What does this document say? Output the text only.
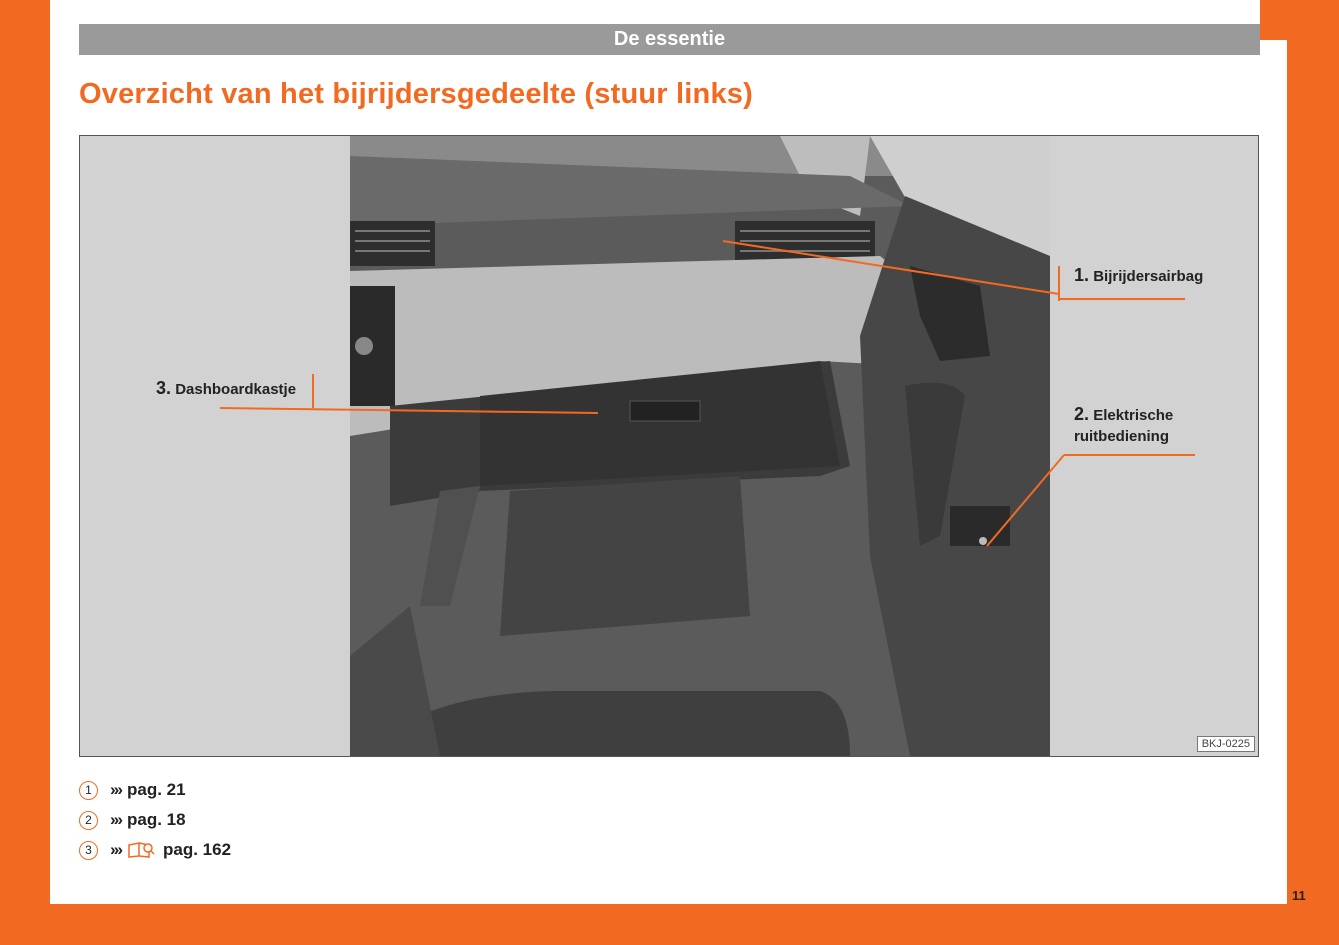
De essentie
Overzicht van het bijrijdersgedeelte (stuur links)
1. Bijrijdersairbag
2. Elektrische
ruitbediening
3. Dashboardkastje
BKJ-0225
1	››› pag. 21
2	››› pag. 18
3	››› pag. 162
11
